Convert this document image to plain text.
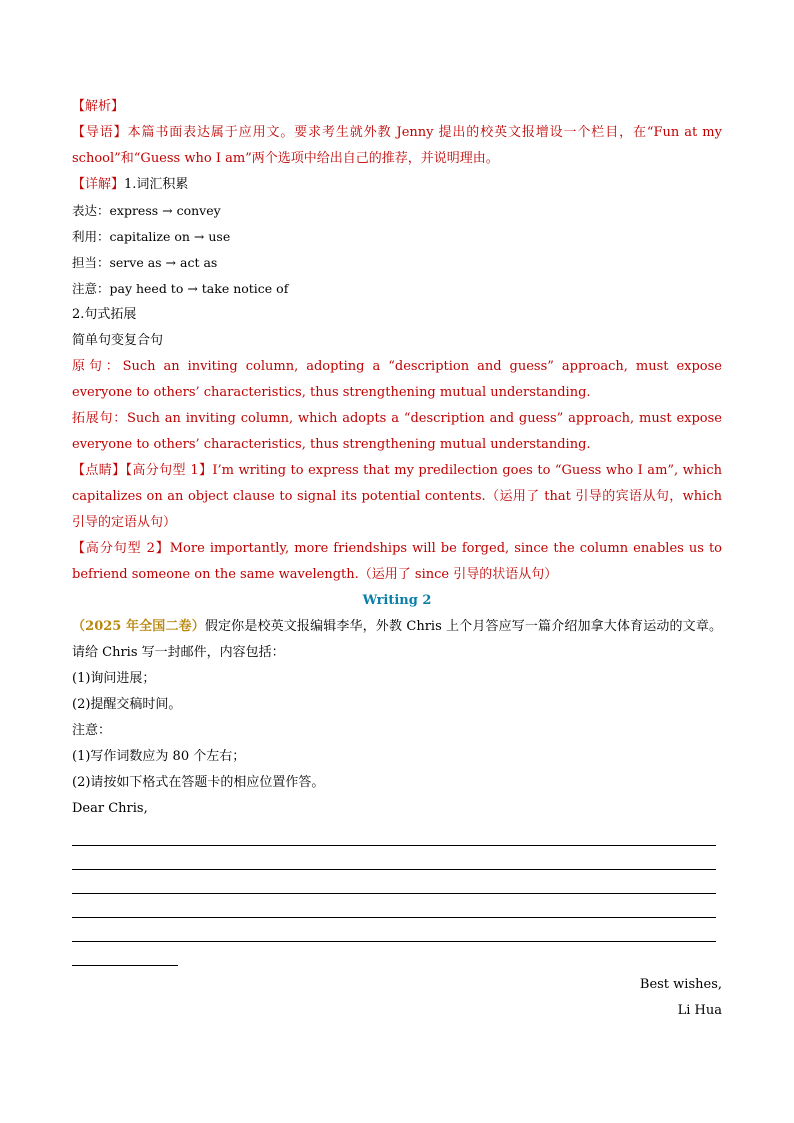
【解析】
【导语】本篇书面表达属于应用文。要求考生就外教 Jenny 提出的校英文报增设一个栏目，在“Fun at my school”和“Guess who I am”两个选项中给出自己的推荐，并说明理由。
【详解】1.词汇积累
表达：express → convey
利用：capitalize on → use
担当：serve as → act as
注意：pay heed to → take notice of
2.句式拓展
简单句变复合句
原句：Such an inviting column, adopting a “description and guess” approach, must expose everyone to others’ characteristics, thus strengthening mutual understanding.
拓展句：Such an inviting column, which adopts a “description and guess” approach, must expose everyone to others’ characteristics, thus strengthening mutual understanding.
【点睛】【高分句型 1】I’m writing to express that my predilection goes to “Guess who I am”, which capitalizes on an object clause to signal its potential contents.（运用了 that 引导的宾语从句，which 引导的定语从句）
【高分句型 2】More importantly, more friendships will be forged, since the column enables us to befriend someone on the same wavelength.（运用了 since 引导的状语从句）
Writing 2
（2025 年全国二卷）假定你是校英文报编辑李华，外教 Chris 上个月答应写一篇介绍加拿大体育运动的文章。请给 Chris 写一封邮件，内容包括：
(1)询问进展；
(2)提醒交稿时间。
注意：
(1)写作词数应为 80 个左右；
(2)请按如下格式在答题卡的相应位置作答。
Dear Chris,
Best wishes,
Li Hua
